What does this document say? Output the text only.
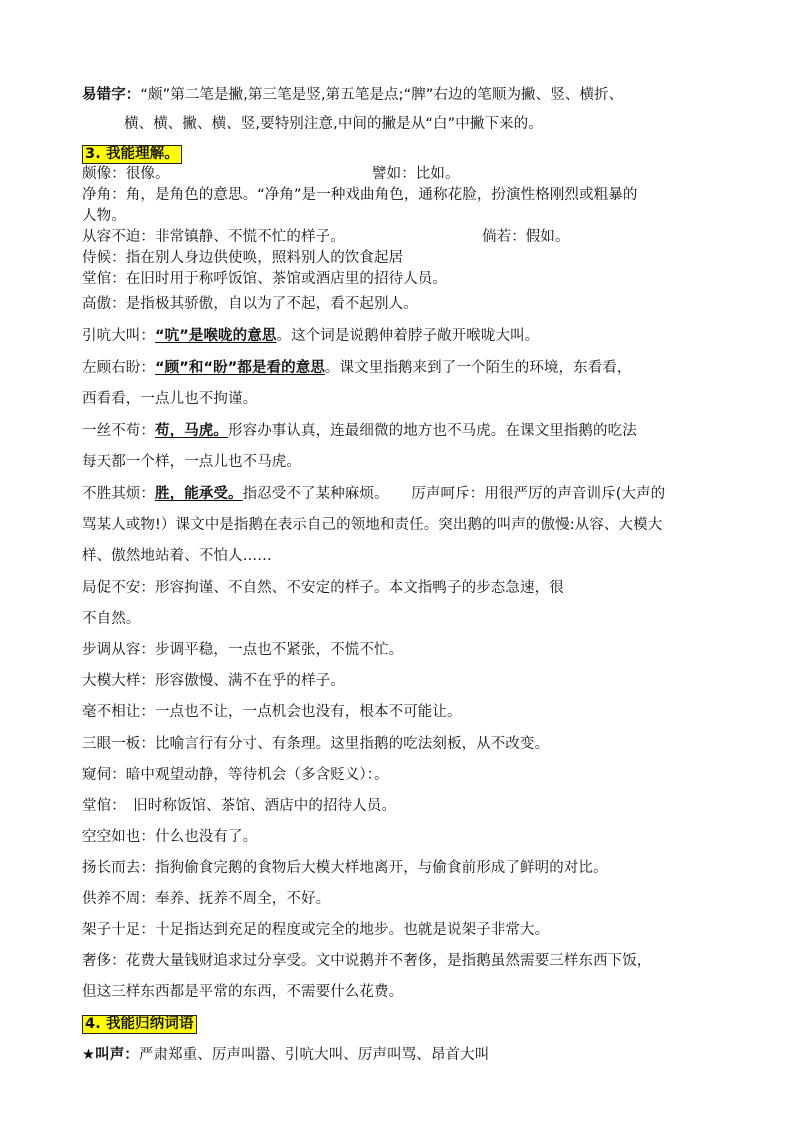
易错字：“颇”第二笔是撇,第三笔是竖,第五笔是点;“脾”右边的笔顺为撇、竖、横折、
横、横、撇、横、竖,要特别注意,中间的撇是从“白”中撇下来的。
3. 我能理解。
颇像：很像。	譬如：比如。
净角：角，是角色的意思。“净角”是一种戏曲角色，通称花脸，扮演性格刚烈或粗暴的
人物。
从容不迫：非常镇静、不慌不忙的样子。	倘若：假如。
侍候：指在别人身边供使唤，照料别人的饮食起居
堂倌：在旧时用于称呼饭馆、茶馆或酒店里的招待人员。
高傲：是指极其骄傲，自以为了不起，看不起别人。
引吭大叫：“吭”是喉咙的意思。这个词是说鹅伸着脖子敞开喉咙大叫。
左顾右盼：“顾”和“盼”都是看的意思。课文里指鹅来到了一个陌生的环境，东看看，
西看看，一点儿也不拘谨。
一丝不苟：苟，马虎。形容办事认真，连最细微的地方也不马虎。在课文里指鹅的吃法
每天都一个样，一点儿也不马虎。
不胜其烦：胜，能承受。指忍受不了某种麻烦。 厉声呵斥：用很严厉的声音训斥(大声的
骂某人或物!）课文中是指鹅在表示自己的领地和责任。突出鹅的叫声的傲慢:从容、大模大
样、傲然地站着、不怕人……
局促不安：形容拘谨、不自然、不安定的样子。本文指鸭子的步态急速，很
不自然。
步调从容：步调平稳，一点也不紧张，不慌不忙。
大模大样：形容傲慢、满不在乎的样子。
毫不相让：一点也不让，一点机会也没有，根本不可能让。
三眼一板：比喻言行有分寸、有条理。这里指鹅的吃法刻板，从不改变。
窥伺：暗中观望动静，等待机会（多含贬义）：。
堂倌：　旧时称饭馆、茶馆、酒店中的招待人员。
空空如也：什么也没有了。
扬长而去：指狗偷食完鹅的食物后大模大样地离开，与偷食前形成了鲜明的对比。
供养不周：奉养、抚养不周全，不好。
架子十足：十足指达到充足的程度或完全的地步。也就是说架子非常大。
奢侈：花费大量钱财追求过分享受。文中说鹅并不奢侈，是指鹅虽然需要三样东西下饭，
但这三样东西都是平常的东西，不需要什么花费。
4. 我能归纳词语
★叫声：严肃郑重、厉声叫嚣、引吭大叫、厉声叫骂、昂首大叫
